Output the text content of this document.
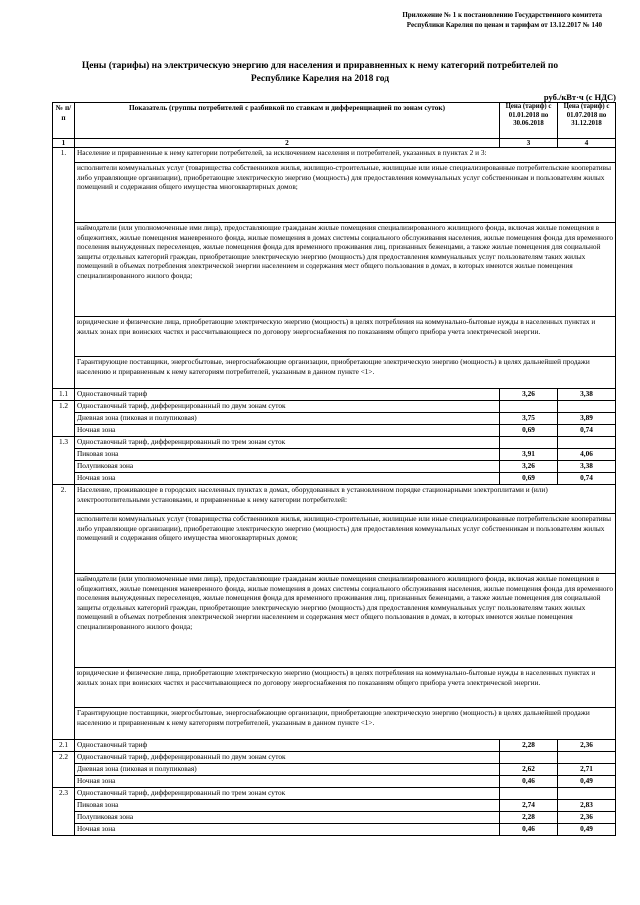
Приложение № 1 к постановлению Государственного комитета
Республики Карелия по ценам и тарифам от 13.12.2017 № 140
Цены (тарифы) на электрическую энергию для населения и приравненных к нему категорий потребителей по
Республике Карелия на 2018 год
руб./кВт·ч (с НДС)
№ п/п	Показатель (группы потребителей с разбивкой по ставкам и дифференциацией по зонам суток)	Цена (тариф) с 01.01.2018 по 30.06.2018	Цена (тариф) с 01.07.2018 по 31.12.2018
1	2	3	4
1.	Население и приравненные к нему категории потребителей, за исключением населения и потребителей, указанных в пунктах 2 и 3:		
	исполнители коммунальных услуг (товарищества собственников жилья, жилищно-строительные, жилищные или иные специализированные потребительские кооперативы либо управляющие организации), приобретающие электрическую энергию (мощность) для предоставления коммунальных услуг собственникам и пользователям жилых помещений и содержания общего имущества многоквартирных домов;		
	наймодатели (или уполномоченные ими лица), предоставляющие гражданам жилые помещения специализированного жилищного фонда, включая жилые помещения в общежитиях, жилые помещения маневренного фонда, жилые помещения в домах системы социального обслуживания населения, жилые помещения фонда для временного поселения вынужденных переселенцев, жилые помещения фонда для временного проживания лиц, признанных беженцами, а также жилые помещения для социальной защиты отдельных категорий граждан, приобретающие электрическую энергию (мощность) для предоставления коммунальных услуг пользователям таких жилых помещений в объемах потребления электрической энергии населением и содержания мест общего пользования в домах, в которых имеются жилые помещения специализированного жилого фонда;		
	юридические и физические лица, приобретающие электрическую энергию (мощность) в целях потребления на коммунально-бытовые нужды в населенных пунктах и жилых зонах при воинских частях и рассчитывающиеся по договору энергоснабжения по показаниям общего прибора учета электрической энергии.		
	Гарантирующие поставщики, энергосбытовые, энергоснабжающие организации, приобретающие электрическую энергию (мощность) в целях дальнейшей продажи населению и приравненным к нему категориям потребителей, указанным в данном пункте <1>.		
1.1	Одноставочный тариф	3,26	3,38
1.2	Одноставочный тариф, дифференцированный по двум зонам суток		
	Дневная зона (пиковая и полупиковая)	3,75	3,89
	Ночная зона	0,69	0,74
1.3	Одноставочный тариф, дифференцированный по трем зонам суток		
	Пиковая зона	3,91	4,06
	Полупиковая зона	3,26	3,38
	Ночная зона	0,69	0,74
2.	Население, проживающее в городских населенных пунктах в домах, оборудованных в установленном порядке стационарными электроплитами и (или) электроотопительными установками, и приравненные к нему категории потребителей:		
	исполнители коммунальных услуг (товарищества собственников жилья, жилищно-строительные, жилищные или иные специализированные потребительские кооперативы либо управляющие организации), приобретающие электрическую энергию (мощность) для предоставления коммунальных услуг собственникам и пользователям жилых помещений и содержания общего имущества многоквартирных домов;		
	наймодатели (или уполномоченные ими лица), предоставляющие гражданам жилые помещения специализированного жилищного фонда, включая жилые помещения в общежитиях, жилые помещения маневренного фонда, жилые помещения в домах системы социального обслуживания населения, жилые помещения фонда для временного поселения вынужденных переселенцев, жилые помещения фонда для временного проживания лиц, признанных беженцами, а также жилые помещения для социальной защиты отдельных категорий граждан, приобретающие электрическую энергию (мощность) для предоставления коммунальных услуг пользователям таких жилых помещений в объемах потребления электрической энергии населением и содержания мест общего пользования в домах, в которых имеются жилые помещения специализированного жилого фонда;		
	юридические и физические лица, приобретающие электрическую энергию (мощность) в целях потребления на коммунально-бытовые нужды в населенных пунктах и жилых зонах при воинских частях и рассчитывающиеся по договору энергоснабжения по показаниям общего прибора учета электрической энергии.		
	Гарантирующие поставщики, энергосбытовые, энергоснабжающие организации, приобретающие электрическую энергию (мощность) в целях дальнейшей продажи населению и приравненным к нему категориям потребителей, указанным в данном пункте <1>.		
2.1	Одноставочный тариф	2,28	2,36
2.2	Одноставочный тариф, дифференцированный по двум зонам суток		
	Дневная зона (пиковая и полупиковая)	2,62	2,71
	Ночная зона	0,46	0,49
2.3	Одноставочный тариф, дифференцированный по трем зонам суток		
	Пиковая зона	2,74	2,83
	Полупиковая зона	2,28	2,36
	Ночная зона	0,46	0,49
